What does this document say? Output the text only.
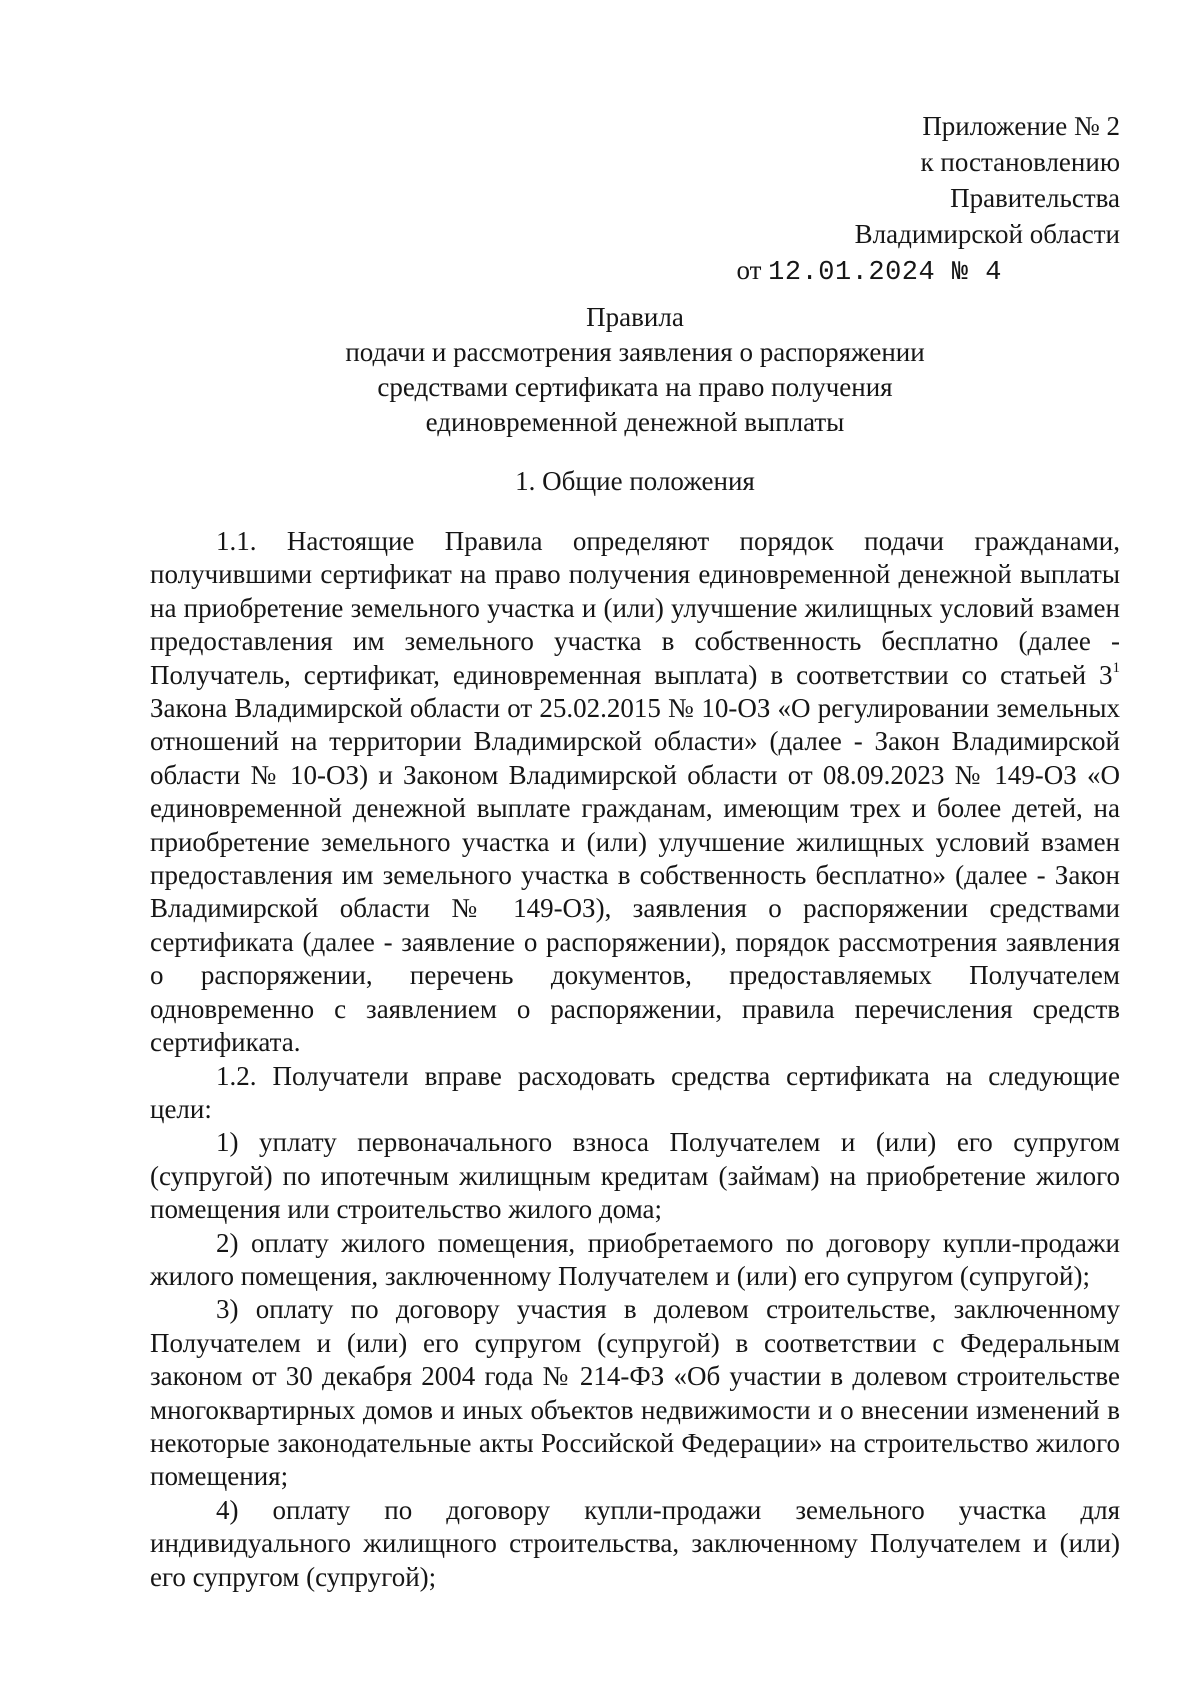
Приложение № 2
к постановлению
Правительства
Владимирской области
от 12.01.2024 № 4
Правила
подачи и рассмотрения заявления о распоряжении
средствами сертификата на право получения
единовременной денежной выплаты
1. Общие положения

1.1. Настоящие Правила определяют порядок подачи гражданами, получившими сертификат на право получения единовременной денежной выплаты на приобретение земельного участка и (или) улучшение жилищных условий взамен предоставления им земельного участка в собственность бесплатно (далее - Получатель, сертификат, единовременная выплата) в соответствии со статьей $3^1$ Закона Владимирской области от 25.02.2015 № 10-ОЗ «О регулировании земельных отношений на территории Владимирской области» (далее - Закон Владимирской области № 10-ОЗ) и Законом Владимирской области от 08.09.2023 № 149-ОЗ «О единовременной денежной выплате гражданам, имеющим трех и более детей, на приобретение земельного участка и (или) улучшение жилищных условий взамен предоставления им земельного участка в собственность бесплатно» (далее - Закон Владимирской области № 149-ОЗ), заявления о распоряжении средствами сертификата (далее - заявление о распоряжении), порядок рассмотрения заявления о распоряжении, перечень документов, предоставляемых Получателем одновременно с заявлением о распоряжении, правила перечисления средств сертификата.

1.2. Получатели вправе расходовать средства сертификата на следующие цели:

1) уплату первоначального взноса Получателем и (или) его супругом (супругой) по ипотечным жилищным кредитам (займам) на приобретение жилого помещения или строительство жилого дома;

2) оплату жилого помещения, приобретаемого по договору купли-продажи жилого помещения, заключенному Получателем и (или) его супругом (супругой);

3) оплату по договору участия в долевом строительстве, заключенному Получателем и (или) его супругом (супругой) в соответствии с Федеральным законом от 30 декабря 2004 года № 214-ФЗ «Об участии в долевом строительстве многоквартирных домов и иных объектов недвижимости и о внесении изменений в некоторые законодательные акты Российской Федерации» на строительство жилого помещения;

4) оплату по договору купли-продажи земельного участка для индивидуального жилищного строительства, заключенному Получателем и (или) его супругом (супругой);
